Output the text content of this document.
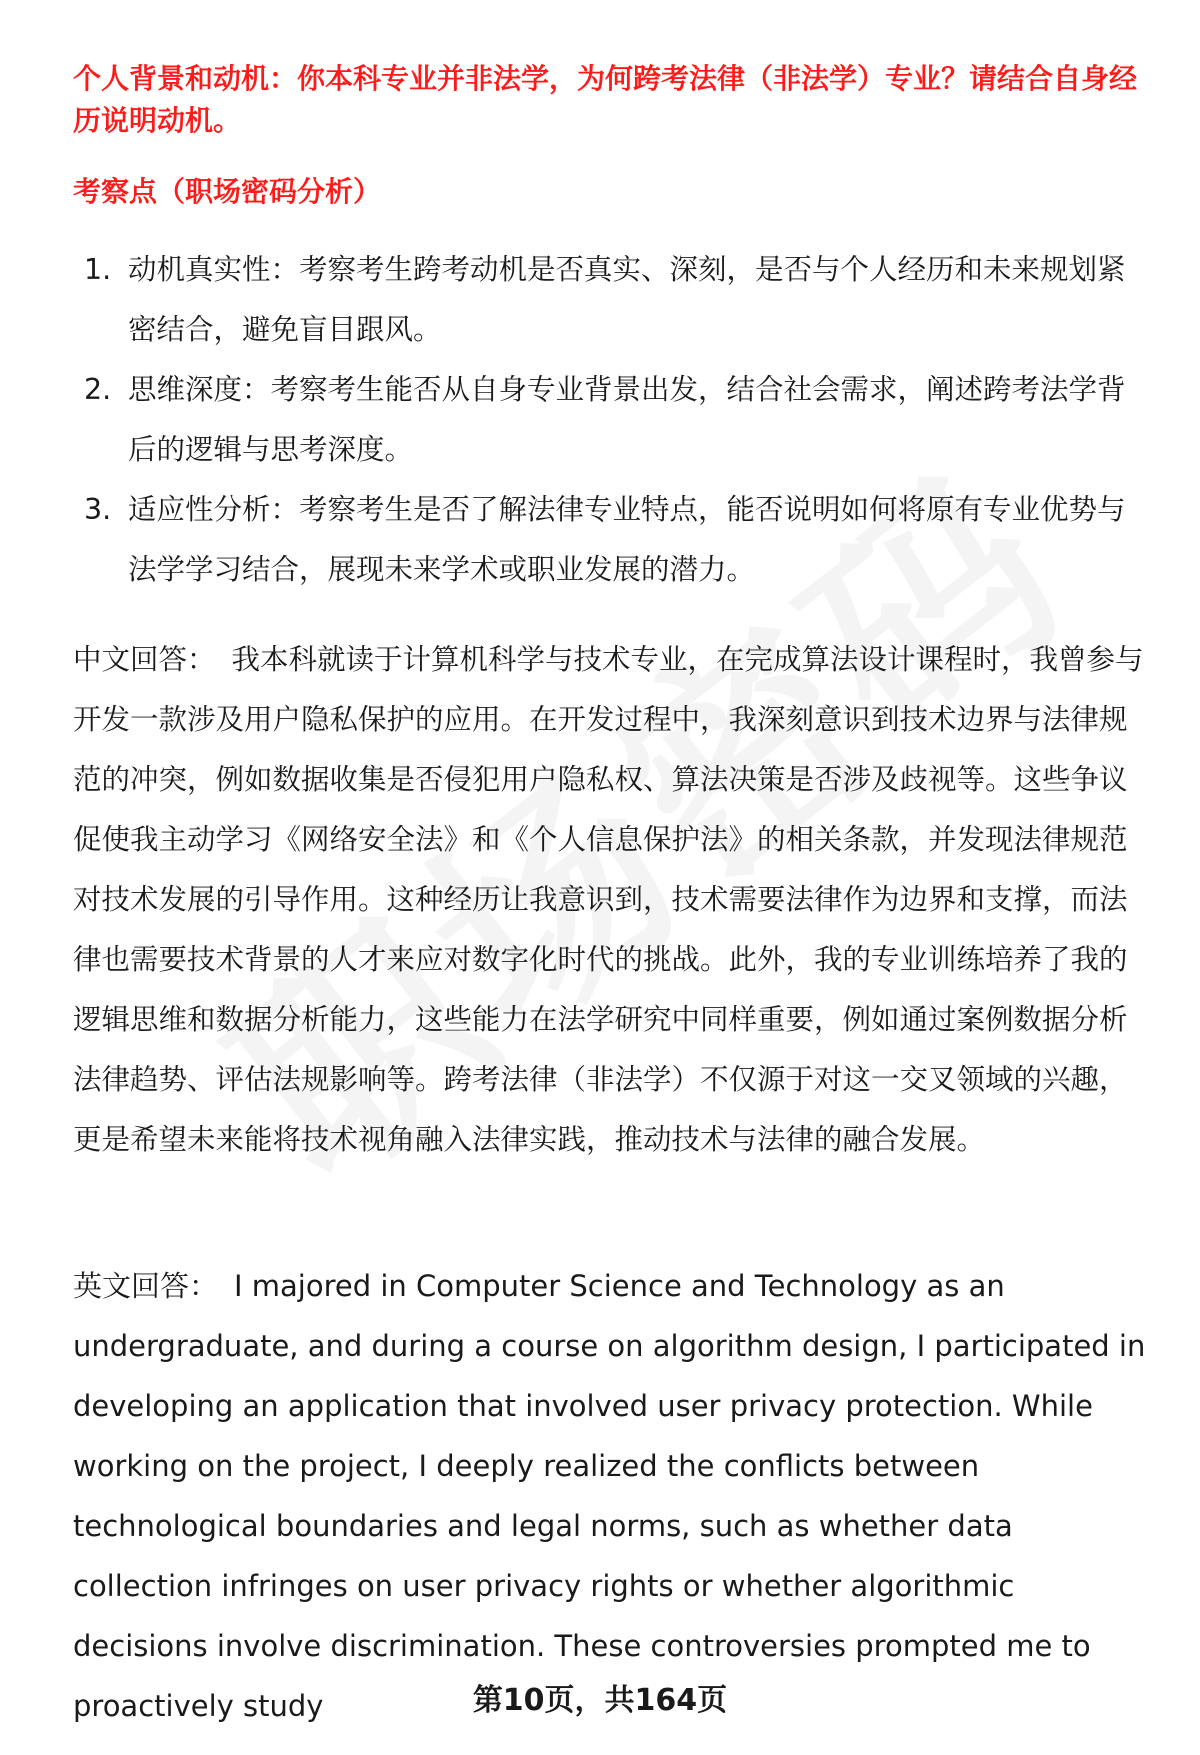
个人背景和动机：你本科专业并非法学，为何跨考法律（非法学）专业？请结合自身经历说明动机。
考察点（职场密码分析）
1. 动机真实性：考察考生跨考动机是否真实、深刻，是否与个人经历和未来规划紧密结合，避免盲目跟风。
2. 思维深度：考察考生能否从自身专业背景出发，结合社会需求，阐述跨考法学背后的逻辑与思考深度。
3. 适应性分析：考察考生是否了解法律专业特点，能否说明如何将原有专业优势与法学学习结合，展现未来学术或职业发展的潜力。
中文回答： 我本科就读于计算机科学与技术专业，在完成算法设计课程时，我曾参与开发一款涉及用户隐私保护的应用。在开发过程中，我深刻意识到技术边界与法律规范的冲突，例如数据收集是否侵犯用户隐私权、算法决策是否涉及歧视等。这些争议促使我主动学习《网络安全法》和《个人信息保护法》的相关条款，并发现法律规范对技术发展的引导作用。这种经历让我意识到，技术需要法律作为边界和支撑，而法律也需要技术背景的人才来应对数字化时代的挑战。此外，我的专业训练培养了我的逻辑思维和数据分析能力，这些能力在法学研究中同样重要，例如通过案例数据分析法律趋势、评估法规影响等。跨考法律（非法学）不仅源于对这一交叉领域的兴趣，更是希望未来能将技术视角融入法律实践，推动技术与法律的融合发展。
英文回答： I majored in Computer Science and Technology as an undergraduate, and during a course on algorithm design, I participated in developing an application that involved user privacy protection. While working on the project, I deeply realized the conflicts between technological boundaries and legal norms, such as whether data collection infringes on user privacy rights or whether algorithmic decisions involve discrimination. These controversies prompted me to proactively study	第10页，共164页
